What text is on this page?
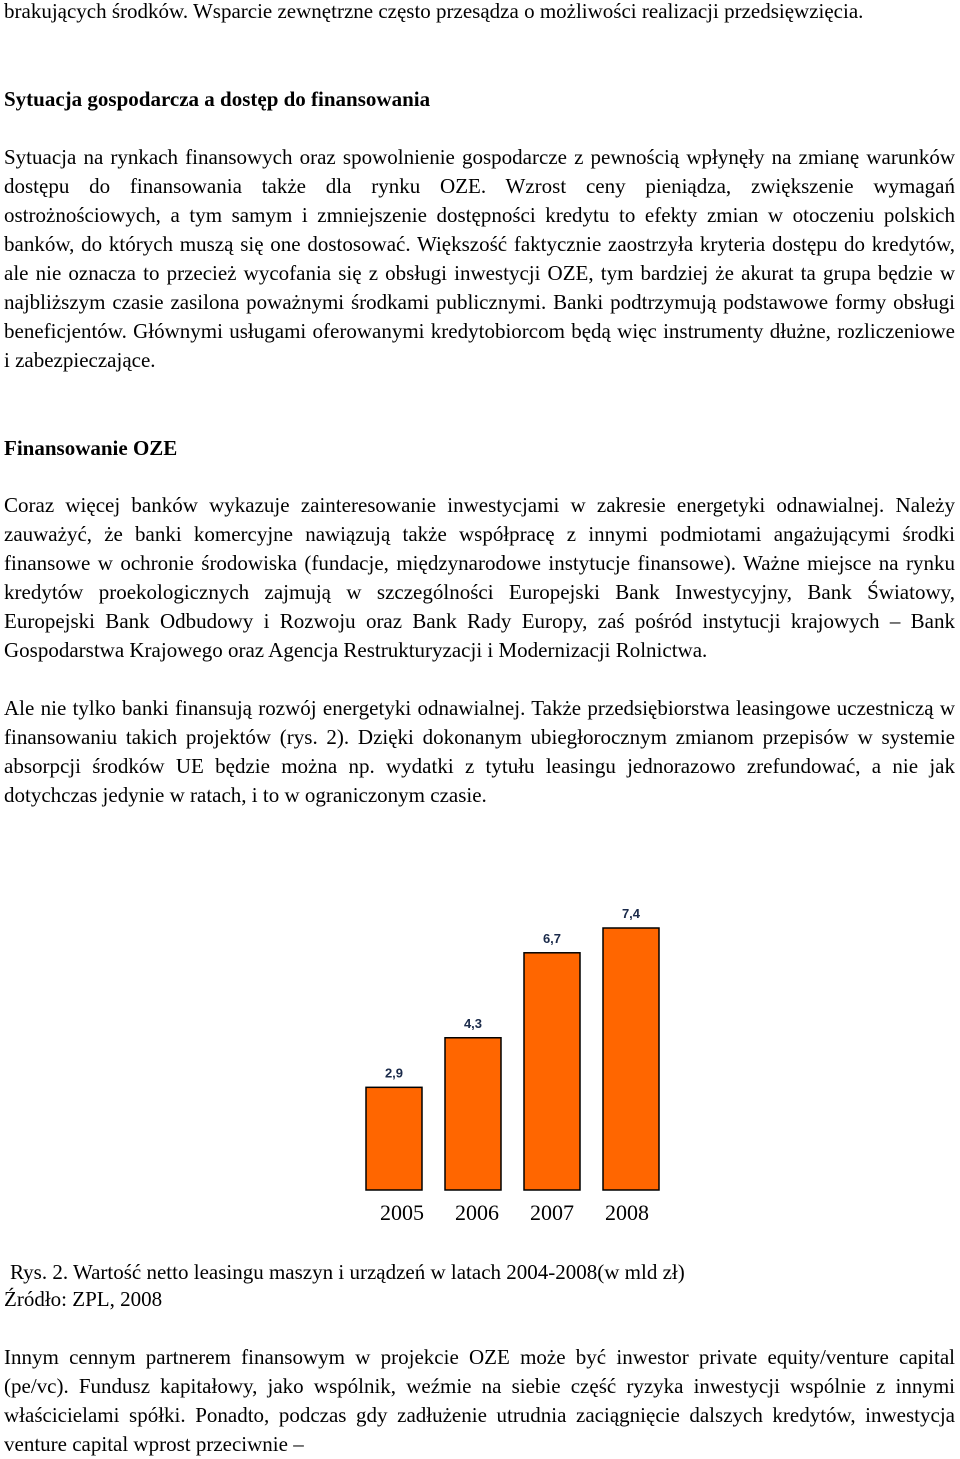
brakujących środków. Wsparcie zewnętrzne często przesądza o możliwości realizacji przedsięwzięcia.

Sytuacja gospodarcza a dostęp do finansowania

Sytuacja na rynkach finansowych oraz spowolnienie gospodarcze z pewnością wpłynęły na zmianę warunków dostępu do finansowania także dla rynku OZE. Wzrost ceny pieniądza, zwiększenie wymagań ostrożnościowych, a tym samym i zmniejszenie dostępności kredytu to efekty zmian w otoczeniu polskich banków, do których muszą się one dostosować. Większość faktycznie zaostrzyła kryteria dostępu do kredytów, ale nie oznacza to przecież wycofania się z obsługi inwestycji OZE, tym bardziej że akurat ta grupa będzie w najbliższym czasie zasilona poważnymi środkami publicznymi. Banki podtrzymują podstawowe formy obsługi beneficjentów. Głównymi usługami oferowanymi kredytobiorcom będą więc instrumenty dłużne, rozliczeniowe i zabezpieczające.

Finansowanie OZE

Coraz więcej banków wykazuje zainteresowanie inwestycjami w zakresie energetyki odnawialnej. Należy zauważyć, że banki komercyjne nawiązują także współpracę z innymi podmiotami angażującymi środki finansowe w ochronie środowiska (fundacje, międzynarodowe instytucje finansowe). Ważne miejsce na rynku kredytów proekologicznych zajmują w szczególności Europejski Bank Inwestycyjny, Bank Światowy, Europejski Bank Odbudowy i Rozwoju oraz Bank Rady Europy, zaś pośród instytucji krajowych – Bank Gospodarstwa Krajowego oraz Agencja Restrukturyzacji i Modernizacji Rolnictwa.

Ale nie tylko banki finansują rozwój energetyki odnawialnej. Także przedsiębiorstwa leasingowe uczestniczą w finansowaniu takich projektów (rys. 2). Dzięki dokonanym ubiegłorocznym zmianom przepisów w systemie absorpcji środków UE będzie można np. wydatki z tytułu leasingu jednorazowo zrefundować, a nie jak dotychczas jedynie w ratach, i to w ograniczonym czasie.

2,9
2005
4,3
2006
6,7
2007
7,4
2008

Rys. 2. Wartość netto leasingu maszyn i urządzeń w latach 2004-2008(w mld zł)

Źródło: ZPL, 2008

Innym cennym partnerem finansowym w projekcie OZE może być inwestor private equity/venture capital (pe/vc). Fundusz kapitałowy, jako wspólnik, weźmie na siebie część ryzyka inwestycji wspólnie z innymi właścicielami spółki. Ponadto, podczas gdy zadłużenie utrudnia zaciągnięcie dalszych kredytów, inwestycja venture capital wprost przeciwnie –
